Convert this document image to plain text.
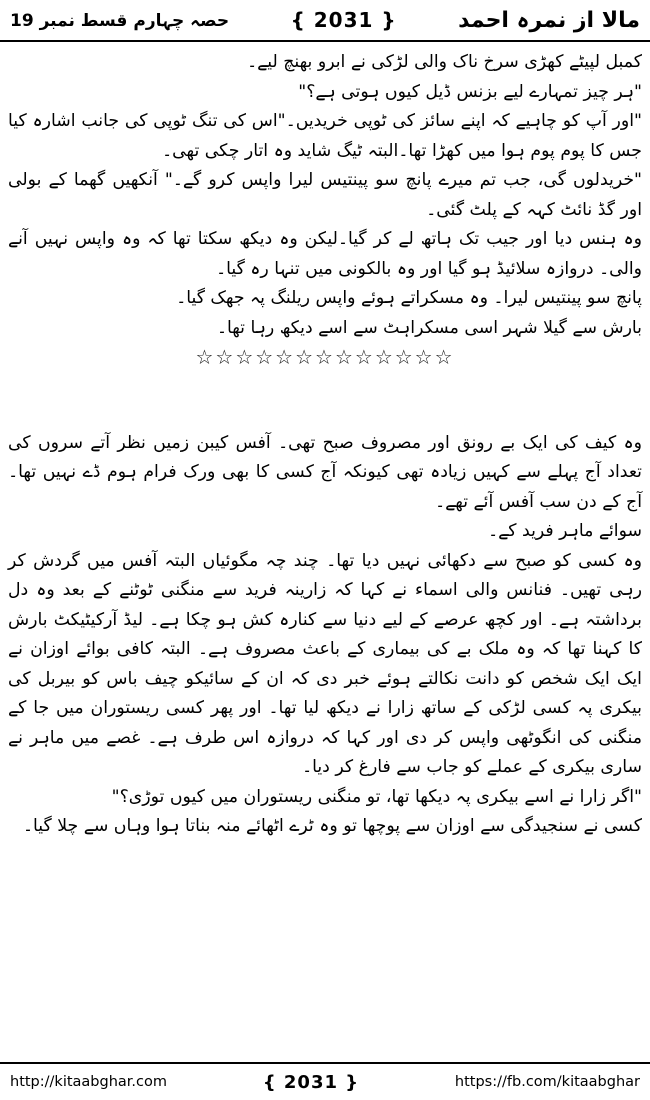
حصہ چہارم قسط نمبر 19	{ 2031 }	مالا از نمرہ احمد

کمبل لپیٹے کھڑی سرخ ناک والی لڑکی نے ابرو بھنچ لیے۔

"ہر چیز تمہارے لیے بزنس ڈیل کیوں ہوتی ہے؟"

"اور آپ کو چاہیے کہ اپنے سائز کی ٹوپی خریدیں۔"اس کی تنگ ٹوپی کی جانب اشارہ کیا جس کا پوم پوم ہوا میں کھڑا تھا۔البتہ ٹیگ شاید وہ اتار چکی تھی۔

"خریدلوں گی، جب تم میرے پانچ سو پینتیس لیرا واپس کرو گے۔" آنکھیں گھما کے بولی اور گڈ نائٹ کہہ کے پلٹ گئی۔

وہ ہنس دیا اور جیب تک ہاتھ لے کر گیا۔لیکن وہ دیکھ سکتا تھا کہ وہ واپس نہیں آنے والی۔ دروازہ سلائیڈ ہو گیا اور وہ بالکونی میں تنہا رہ گیا۔

پانچ سو پینتیس لیرا۔ وہ مسکراتے ہوئے واپس ریلنگ پہ جھک گیا۔

بارش سے گیلا شہر اسی مسکراہٹ سے اسے دیکھ رہا تھا۔

☆☆☆☆☆☆☆☆☆☆☆☆☆

وہ کیف کی ایک بے رونق اور مصروف صبح تھی۔ آفس کیبن زمیں نظر آتے سروں کی تعداد آج پہلے سے کہیں زیادہ تھی کیونکہ آج کسی کا بھی ورک فرام ہوم ڈے نہیں تھا۔ آج کے دن سب آفس آئے تھے۔

سوائے ماہر فرید کے۔

وہ کسی کو صبح سے دکھائی نہیں دیا تھا۔ چند چہ مگوئیاں البتہ آفس میں گردش کر رہی تھیں۔ فنانس والی اسماء نے کہا کہ زارینہ فرید سے منگنی ٹوٹنے کے بعد وہ دل برداشتہ ہے۔ اور کچھ عرصے کے لیے دنیا سے کنارہ کش ہو چکا ہے۔ لیڈ آرکیٹیکٹ بارش کا کہنا تھا کہ وہ ملک بے کی بیماری کے باعث مصروف ہے۔ البتہ کافی بوائے اوزان نے ایک ایک شخص کو دانت نکالتے ہوئے خبر دی کہ ان کے سائیکو چیف باس کو بیربل کی بیکری پہ کسی لڑکی کے ساتھ زارا نے دیکھ لیا تھا۔ اور پھر کسی ریستوران میں جا کے منگنی کی انگوٹھی واپس کر دی اور کہا کہ دروازہ اس طرف ہے۔ غصے میں ماہر نے ساری بیکری کے عملے کو جاب سے فارغ کر دیا۔

"اگر زارا نے اسے بیکری پہ دیکھا تھا، تو منگنی ریستوران میں کیوں توڑی؟"

کسی نے سنجیدگی سے اوزان سے پوچھا تو وہ ٹرے اٹھائے منہ بناتا ہوا وہاں سے چلا گیا۔

http://kitaabghar.com	{ 2031 }	https://fb.com/kitaabghar
